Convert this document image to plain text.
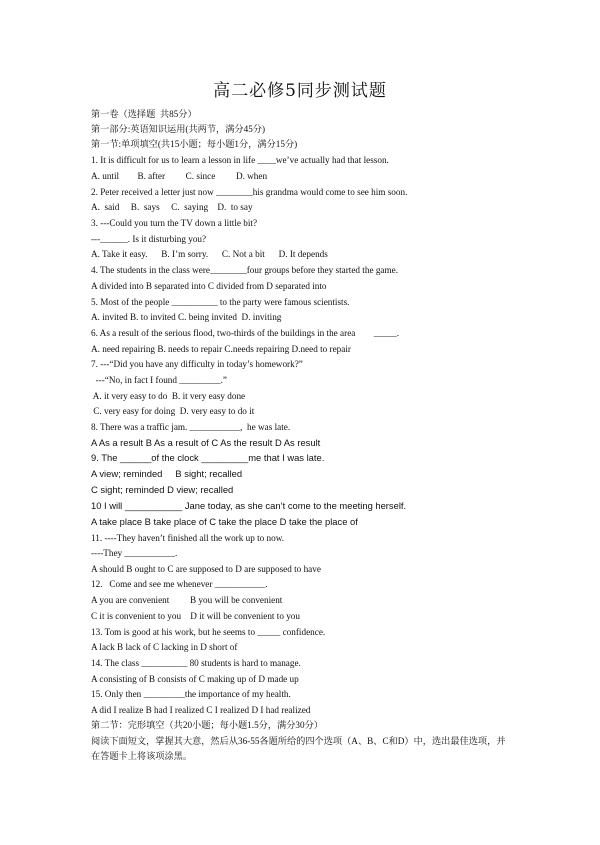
高二必修5同步测试题
第一卷（选择题  共85分）
第一部分:英语知识运用(共两节，满分45分)
第一节:单项填空(共15小题；每小题1分，满分15分)
1. It is difficult for us to learn a lesson in life ____we’ve actually had that lesson.
A. until        B. after         C. since         D. when
2. Peter received a letter just now ________his grandma would come to see him soon.
A.  said     B.  says     C.  saying    D.  to say
3. ---Could you turn the TV down a little bit?
---______. Is it disturbing you?
A. Take it easy.      B. I’m sorry.      C. Not a bit      D. It depends
4. The students in the class were________four groups before they started the game.
A divided into B separated into C divided from D separated into
5. Most of the people __________ to the party were famous scientists.
A. invited B. to invited C. being invited  D. inviting
6. As a result of the serious flood, two-thirds of the buildings in the area        _____.
A. need repairing B. needs to repair C.needs repairing D.need to repair
7. ---“Did you have any difficulty in today’s homework?”
---“No, in fact I found _________.”
A. it very easy to do  B. it very easy done
C. very easy for doing  D. very easy to do it
8. There was a traffic jam. ___________,  he was late.
A As a result B As a result of C As the result D As result
9. The ______of the clock _________me that I was late.
A view; reminded     B sight; recalled
C sight; reminded D view; recalled
10 I will ___________ Jane today, as she can’t come to the meeting herself.
A take place B take place of C take the place D take the place of
11. ----They haven’t finished all the work up to now.
----They ___________.
A should B ought to C are supposed to D are supposed to have
12.   Come and see me whenever ___________.
A you are convenient         B you will be convenient
C it is convenient to you    D it will be convenient to you
13. Tom is good at his work, but he seems to _____ confidence.
A lack B lack of C lacking in D short of
14. The class __________ 80 students is hard to manage.
A consisting of B consists of C making up of D made up
15. Only then _________the importance of my health.
A did I realize B had I realized C I realized D I had realized
第二节：完形填空（共20小题；每小题1.5分，满分30分）
阅读下面短文，掌握其大意，然后从36-55各题所给的四个选项（A、B、C和D）中，选出最佳选项，并在答题卡上将该项涂黑。
